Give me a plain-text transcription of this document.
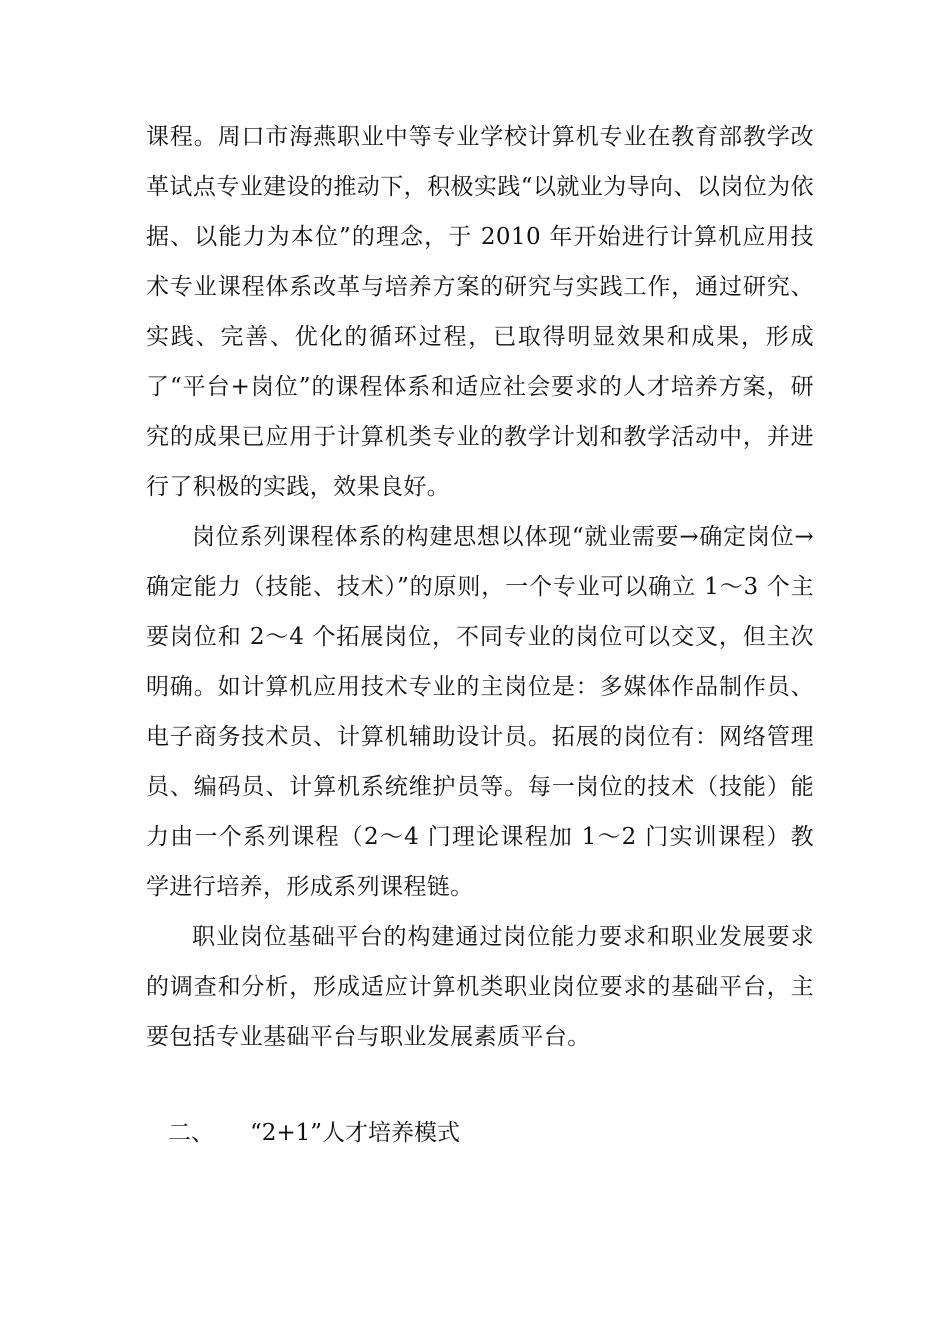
课程。周口市海燕职业中等专业学校计算机专业在教育部教学改革试点专业建设的推动下，积极实践“以就业为导向、以岗位为依据、以能力为本位”的理念，于 2010 年开始进行计算机应用技术专业课程体系改革与培养方案的研究与实践工作，通过研究、实践、完善、优化的循环过程，已取得明显效果和成果，形成了“平台+岗位”的课程体系和适应社会要求的人才培养方案，研究的成果已应用于计算机类专业的教学计划和教学活动中，并进行了积极的实践，效果良好。

岗位系列课程体系的构建思想以体现“就业需要→确定岗位→确定能力（技能、技术）”的原则，一个专业可以确立 1～3 个主要岗位和 2～4 个拓展岗位，不同专业的岗位可以交叉，但主次明确。如计算机应用技术专业的主岗位是：多媒体作品制作员、电子商务技术员、计算机辅助设计员。拓展的岗位有：网络管理员、编码员、计算机系统维护员等。每一岗位的技术（技能）能力由一个系列课程（2～4 门理论课程加 1～2 门实训课程）教学进行培养，形成系列课程链。

职业岗位基础平台的构建通过岗位能力要求和职业发展要求的调查和分析，形成适应计算机类职业岗位要求的基础平台，主要包括专业基础平台与职业发展素质平台。

二、 “2+1”人才培养模式
